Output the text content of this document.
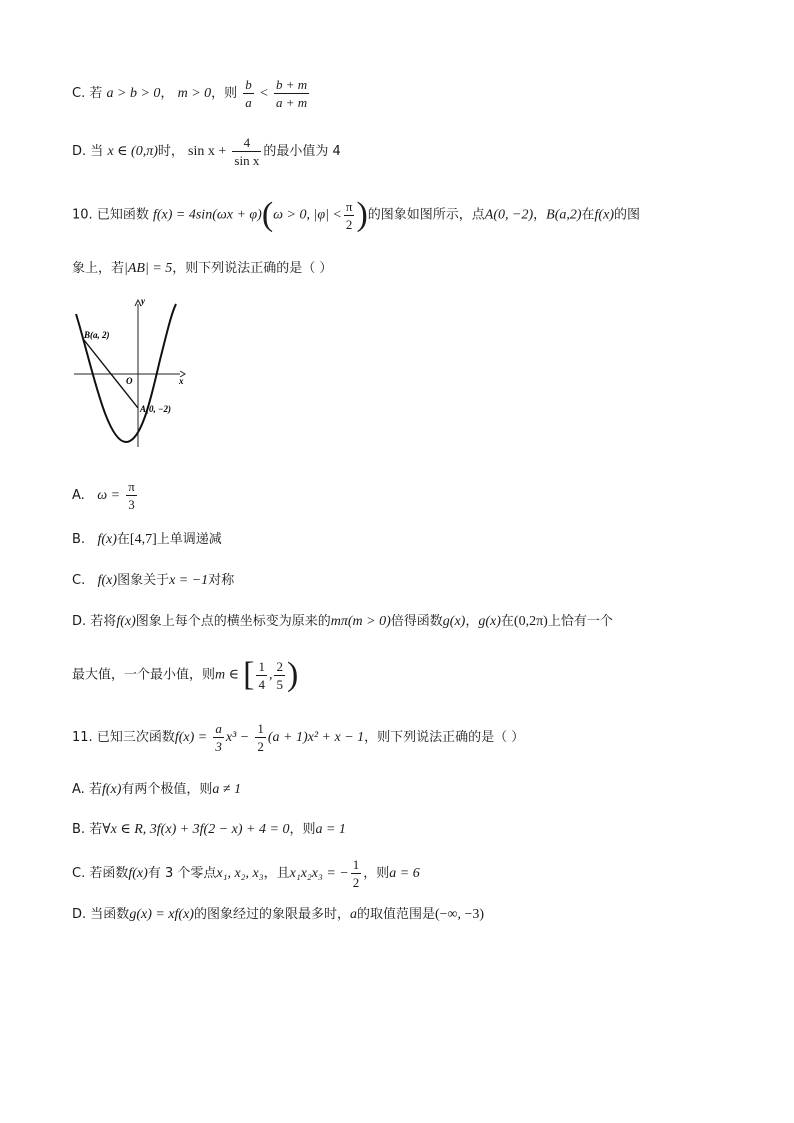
C. 若 a > b > 0， m > 0，则 $\frac{b}{a} < \frac{b + m}{a + m}$
D. 当 x ∈ (0,π)时， $\sin x + \frac{4}{\text{sin x}}$ 的最小值为 4
10. 已知函数 f(x) = 4sin(ωx + φ)(ω > 0, $|\varphi| < \frac{\pi}{2}$ )的图象如图所示，点A(0, −2)，B(a,2)在f(x)的图
象上，若|AB| = 5，则下列说法正确的是（ ）
y
x
O
B(a, 2)
A(0, −2)
A. $\omega = \frac{\pi}{3}$
B. f(x)在[4,7]上单调递减
C. f(x)图象关于x = −1对称
D. 若将f(x)图象上每个点的横坐标变为原来的mπ(m > 0)倍得函数g(x)，g(x)在(0,2π)上恰有一个
最大值，一个最小值，则m ∈ [ $\frac{1}{4}$ , $\frac{2}{5}$ )
11. 已知三次函数$f(x) = \frac{a}{3} x^3 - \frac{1}{2} (a + 1)x^2 + x - 1$，则下列说法正确的是（ ）
A. 若f(x)有两个极值，则a ≠ 1
B. 若∀x ∈ R, 3f(x) + 3f(2 − x) + 4 = 0，则a = 1
C. 若函数f(x)有 3 个零点x₁, x₂, x₃，且x₁x₂x₃ = − $\frac{1}{2}$ ，则a = 6
D. 当函数g(x) = xf(x)的图象经过的象限最多时，a的取值范围是(−∞, −3)
